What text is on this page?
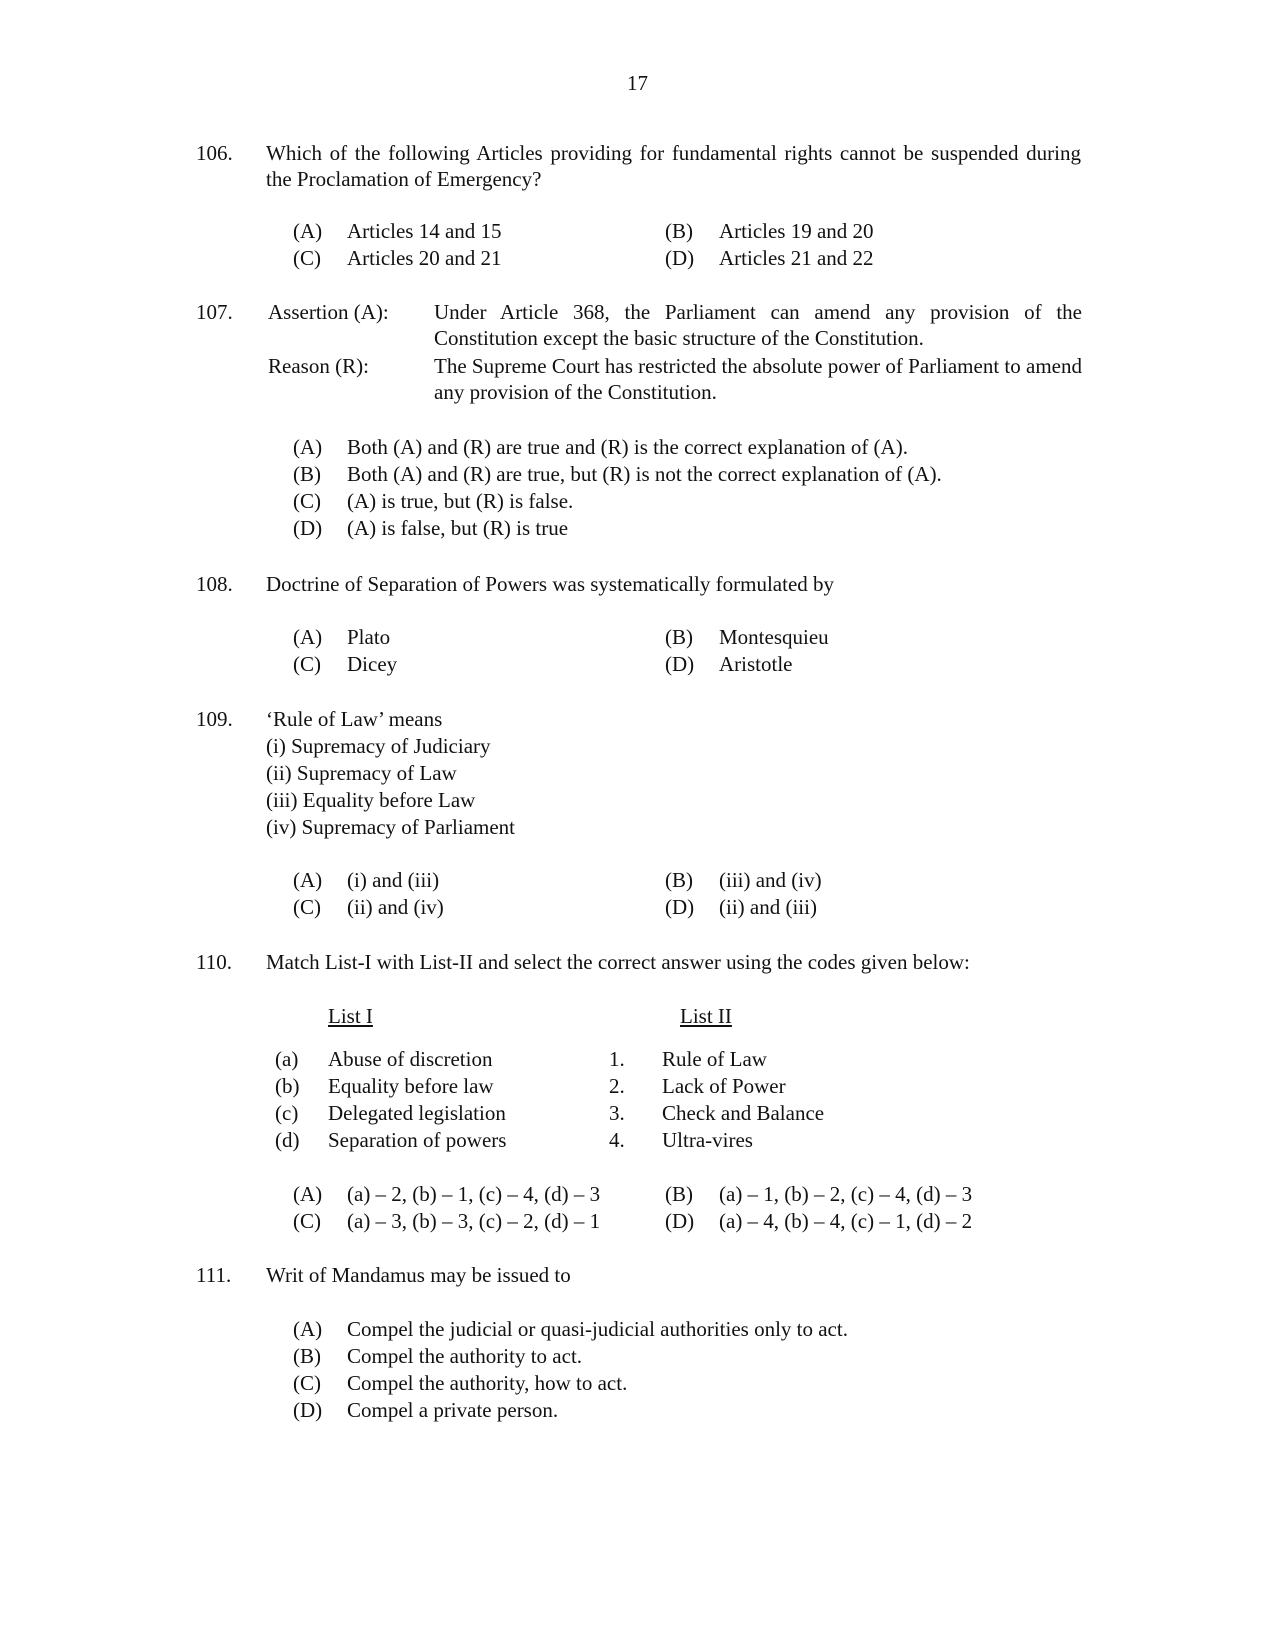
17
106.	Which of the following Articles providing for fundamental rights cannot be suspended during the Proclamation of Emergency?
(A)	Articles 14 and 15	(B)	Articles 19 and 20
(C)	Articles 20 and 21	(D)	Articles 21 and 22
107.	Assertion (A): Under Article 368, the Parliament can amend any provision of the Constitution except the basic structure of the Constitution.
Reason (R):	The Supreme Court has restricted the absolute power of Parliament to amend any provision of the Constitution.
(A)	Both (A) and (R) are true and (R) is the correct explanation of (A).
(B)	Both (A) and (R) are true, but (R) is not the correct explanation of (A).
(C)	(A) is true, but (R) is false.
(D)	(A) is false, but (R) is true
108.	Doctrine of Separation of Powers was systematically formulated by
(A)	Plato	(B)	Montesquieu
(C)	Dicey	(D)	Aristotle
109.	‘Rule of Law’ means
(i) Supremacy of Judiciary
(ii) Supremacy of Law
(iii) Equality before Law
(iv) Supremacy of Parliament
(A)	(i) and (iii)	(B)	(iii) and (iv)
(C)	(ii) and (iv)	(D)	(ii) and (iii)
110.	Match List-I with List-II and select the correct answer using the codes given below:
List I	List II
(a) Abuse of discretion	1. Rule of Law
(b) Equality before law	2. Lack of Power
(c) Delegated legislation	3. Check and Balance
(d) Separation of powers	4. Ultra-vires
(A)	(a) – 2, (b) – 1, (c) – 4, (d) – 3	(B)	(a) – 1, (b) – 2, (c) – 4, (d) – 3
(C)	(a) – 3, (b) – 3, (c) – 2, (d) – 1	(D)	(a) – 4, (b) – 4, (c) – 1, (d) – 2
111.	Writ of Mandamus may be issued to
(A)	Compel the judicial or quasi-judicial authorities only to act.
(B)	Compel the authority to act.
(C)	Compel the authority, how to act.
(D)	Compel a private person.
